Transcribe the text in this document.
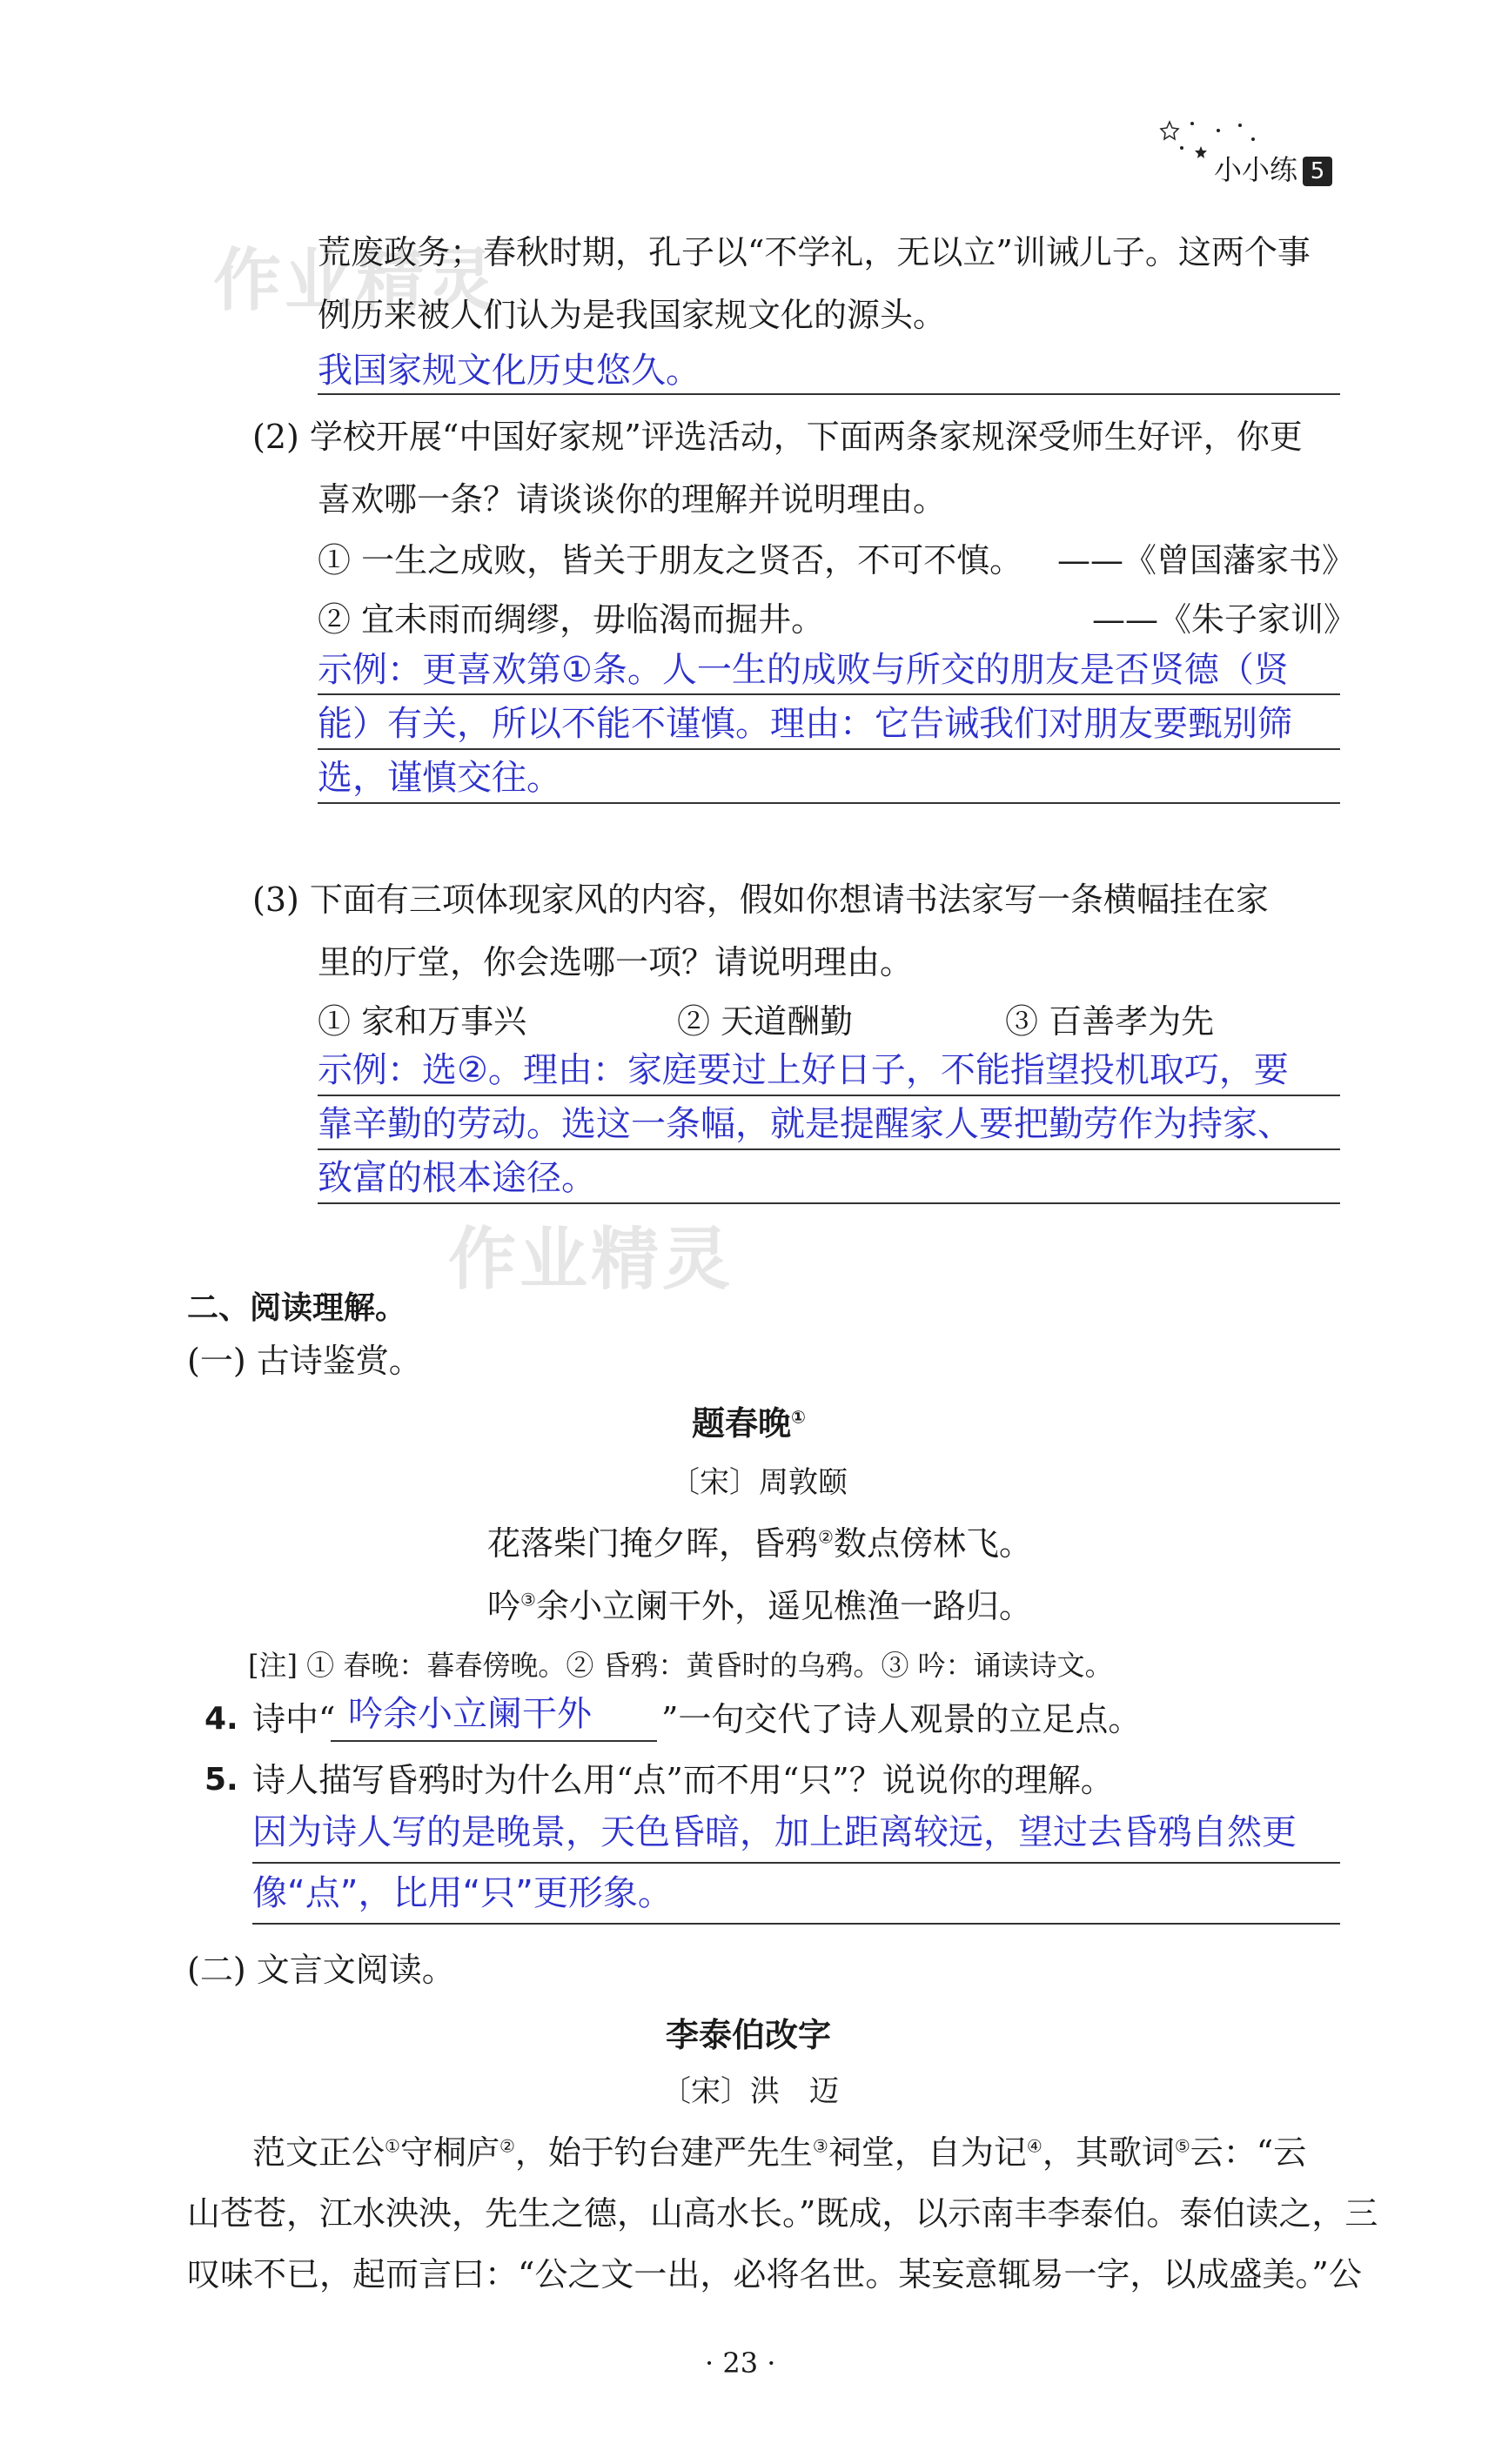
小小练 5
作业精灵
作业精灵
荒废政务；春秋时期，孔子以“不学礼，无以立”训诫儿子。这两个事
例历来被人们认为是我国家规文化的源头。
我国家规文化历史悠久。
(2) 学校开展“中国好家规”评选活动，下面两条家规深受师生好评，你更
喜欢哪一条？请谈谈你的理解并说明理由。
① 一生之成败，皆关于朋友之贤否，不可不慎。 ——《曾国藩家书》
② 宜未雨而绸缪，毋临渴而掘井。	——《朱子家训》
示例：更喜欢第①条。人一生的成败与所交的朋友是否贤德（贤
能）有关，所以不能不谨慎。理由：它告诫我们对朋友要甄别筛
选，谨慎交往。
(3) 下面有三项体现家风的内容，假如你想请书法家写一条横幅挂在家
里的厅堂，你会选哪一项？请说明理由。
① 家和万事兴	② 天道酬勤	③ 百善孝为先
示例：选②。理由：家庭要过上好日子，不能指望投机取巧，要
靠辛勤的劳动。选这一条幅，就是提醒家人要把勤劳作为持家、
致富的根本途径。
二、阅读理解。
(一) 古诗鉴赏。
题春晚①
〔宋〕周敦颐
花落柴门掩夕晖，昏鸦②数点傍林飞。
吟③余小立阑干外，遥见樵渔一路归。
[注] ① 春晚：暮春傍晚。② 昏鸦：黄昏时的乌鸦。③ 吟：诵读诗文。
4. 诗中“ 吟余小立阑干外 ”一句交代了诗人观景的立足点。
5. 诗人描写昏鸦时为什么用“点”而不用“只”？说说你的理解。
因为诗人写的是晚景，天色昏暗，加上距离较远，望过去昏鸦自然更
像“点”，比用“只”更形象。
(二) 文言文阅读。
李泰伯改字
〔宋〕洪　迈
范文正公①守桐庐②，始于钓台建严先生③祠堂，自为记④，其歌词⑤云：“云
山苍苍，江水泱泱，先生之德，山高水长。”既成，以示南丰李泰伯。泰伯读之，三
叹味不已，起而言曰：“公之文一出，必将名世。某妄意辄易一字，以成盛美。”公
· 23 ·
